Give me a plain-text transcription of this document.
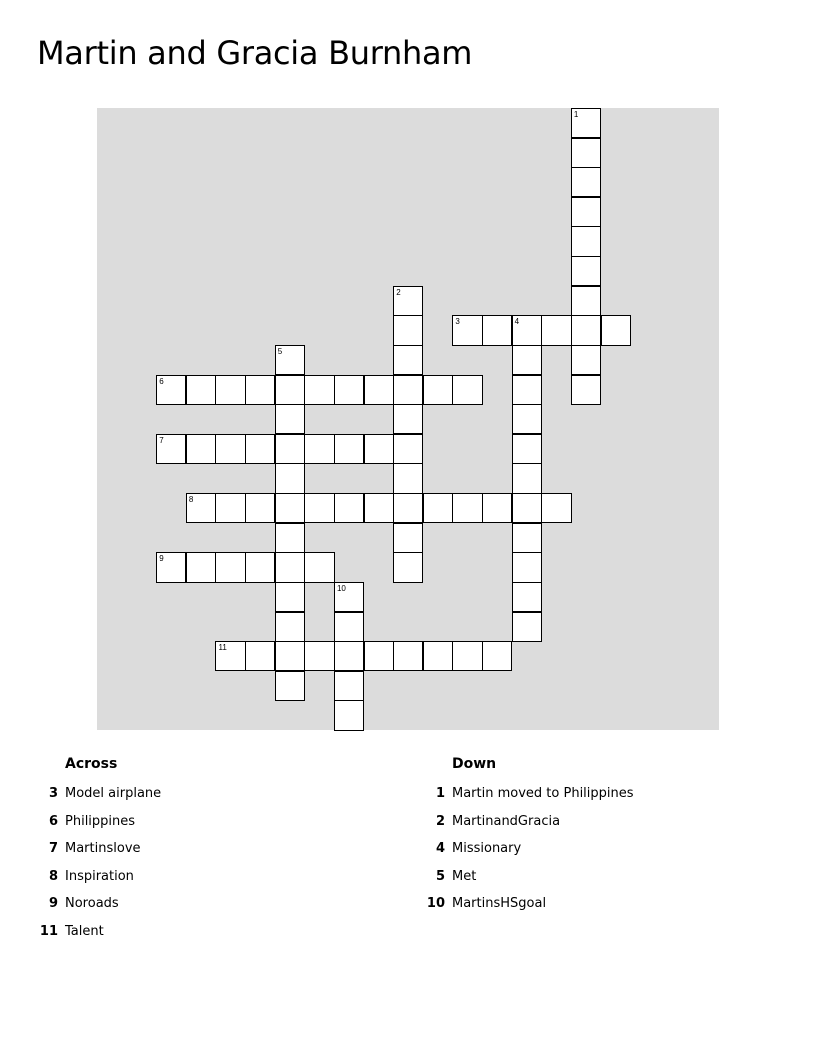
Martin and Gracia Burnham
1
2
3	4
5
6
7
8
9
10
11
Across
3 Model airplane
6 Philippines
7 Martinslove
8 Inspiration
9 Noroads
11 Talent
Down
1 Martin moved to Philippines
2 MartinandGracia
4 Missionary
5 Met
10 MartinsHSgoal
